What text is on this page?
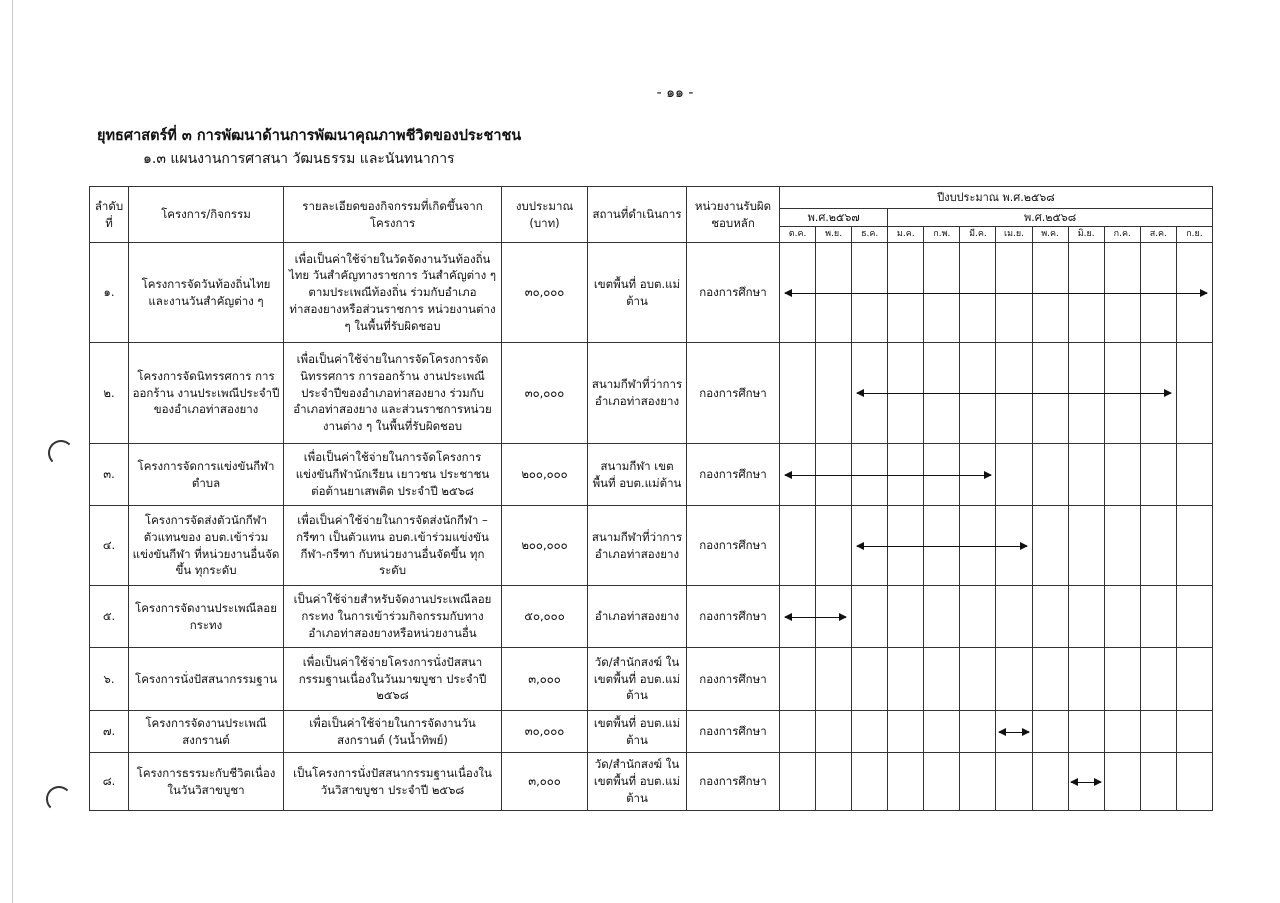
- ๑๑ -
ยุทธศาสตร์ที่ ๓ การพัฒนาด้านการพัฒนาคุณภาพชีวิตของประชาชน
๑.๓ แผนงานการศาสนา วัฒนธรรม และนันทนาการ
ลำดับที่	โครงการ/กิจกรรม	รายละเอียดของกิจกรรมที่เกิดขึ้นจากโครงการ	งบประมาณ (บาท)	สถานที่ดำเนินการ	หน่วยงานรับผิดชอบหลัก	ปีงบประมาณ พ.ศ.๒๕๖๘											
						พ.ศ.๒๕๖๗			พ.ศ.๒๕๖๘								
						ต.ค.	พ.ย.	ธ.ค.	ม.ค.	ก.พ.	มี.ค.	เม.ย.	พ.ค.	มิ.ย.	ก.ค.	ส.ค.	ก.ย.
๑.	โครงการจัดวันท้องถิ่นไทยและงานวันสำคัญต่าง ๆ	เพื่อเป็นค่าใช้จ่ายในวัดจัดงานวันท้องถิ่นไทย วันสำคัญทางราชการ วันสำคัญต่าง ๆ ตามประเพณีท้องถิ่น ร่วมกับอำเภอท่าสองยางหรือส่วนราชการ หน่วยงานต่าง ๆ ในพื้นที่รับผิดชอบ	๓๐,๐๐๐	เขตพื้นที่ อบต.แม่ต้าน	กองการศึกษา												
๒.	โครงการจัดนิทรรศการ การออกร้าน งานประเพณีประจำปีของอำเภอท่าสองยาง	เพื่อเป็นค่าใช้จ่ายในการจัดโครงการจัดนิทรรศการ การออกร้าน งานประเพณีประจำปีของอำเภอท่าสองยาง ร่วมกับอำเภอท่าสองยาง และส่วนราชการหน่วยงานต่าง ๆ ในพื้นที่รับผิดชอบ	๓๐,๐๐๐	สนามกีฬาที่ว่าการอำเภอท่าสองยาง	กองการศึกษา												
๓.	โครงการจัดการแข่งขันกีฬาตำบล	เพื่อเป็นค่าใช้จ่ายในการจัดโครงการแข่งขันกีฬานักเรียน เยาวชน ประชาชน ต่อต้านยาเสพติด ประจำปี ๒๕๖๘	๒๐๐,๐๐๐	สนามกีฬา เขตพื้นที่ อบต.แม่ต้าน	กองการศึกษา												
๔.	โครงการจัดส่งตัวนักกีฬาตัวแทนของ อบต.เข้าร่วมแข่งขันกีฬา ที่หน่วยงานอื่นจัดขึ้น ทุกระดับ	เพื่อเป็นค่าใช้จ่ายในการจัดส่งนักกีฬา – กรีฑา เป็นตัวแทน อบต.เข้าร่วมแข่งขันกีฬา-กรีฑา กับหน่วยงานอื่นจัดขึ้น ทุกระดับ	๒๐๐,๐๐๐	สนามกีฬาที่ว่าการอำเภอท่าสองยาง	กองการศึกษา												
๕.	โครงการจัดงานประเพณีลอยกระทง	เป็นค่าใช้จ่ายสำหรับจัดงานประเพณีลอยกระทง ในการเข้าร่วมกิจกรรมกับทางอำเภอท่าสองยางหรือหน่วยงานอื่น	๕๐,๐๐๐	อำเภอท่าสองยาง	กองการศึกษา												
๖.	โครงการนั่งปัสสนากรรมฐาน	เพื่อเป็นค่าใช้จ่ายโครงการนั่งปัสสนากรรมฐานเนื่องในวันมาฆบูชา ประจำปี ๒๕๖๘	๓,๐๐๐	วัด/สำนักสงฆ์ ในเขตพื้นที่ อบต.แม่ต้าน	กองการศึกษา												
๗.	โครงการจัดงานประเพณีสงกรานต์	เพื่อเป็นค่าใช้จ่ายในการจัดงานวันสงกรานต์ (วันน้ำทิพย์)	๓๐,๐๐๐	เขตพื้นที่ อบต.แม่ต้าน	กองการศึกษา												
๘.	โครงการธรรมะกับชีวิตเนื่องในวันวิสาขบูชา	เป็นโครงการนั่งปัสสนากรรมฐานเนื่องในวันวิสาขบูชา ประจำปี ๒๕๖๘	๓,๐๐๐	วัด/สำนักสงฆ์ ในเขตพื้นที่ อบต.แม่ต้าน	กองการศึกษา												
